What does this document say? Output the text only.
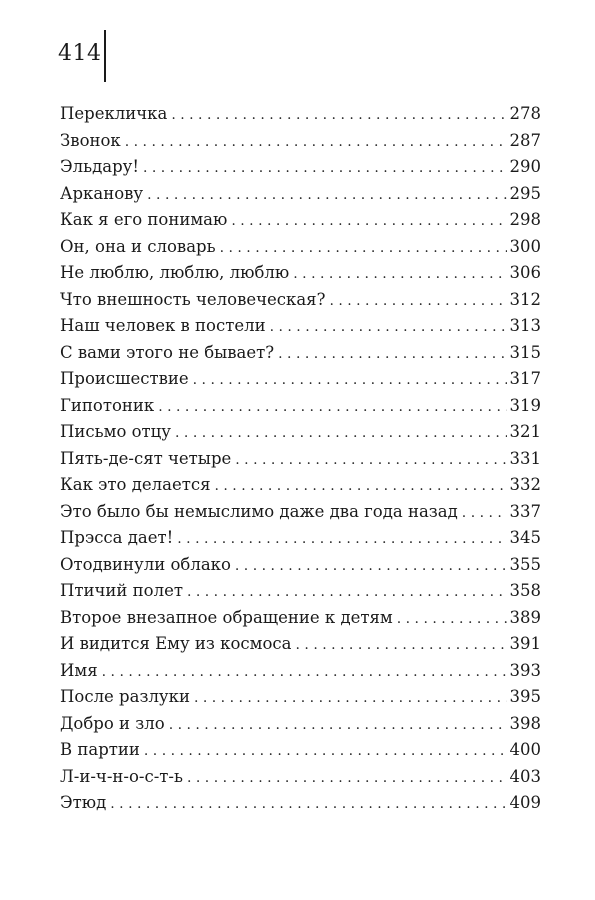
414
Перекличка . . .	278
Звонок . . .	287
Эльдару! . . .	290
Арканову . . .	295
Как я его понимаю . . .	298
Он, она и словарь . . .	300
Не люблю, люблю, люблю . . .	306
Что внешность человеческая? . . .	312
Наш человек в постели . . .	313
С вами этого не бывает? . . .	315
Происшествие . . .	317
Гипотоник . . .	319
Письмо отцу . . .	321
Пять-де-сят четыре . . .	331
Как это делается . . .	332
Это было бы немыслимо даже два года назад . . .	337
Прэсса дает! . . .	345
Отодвинули облако . . .	355
Птичий полет . . .	358
Второе внезапное обращение к детям . . .	389
И видится Ему из космоса . . .	391
Имя . . .	393
После разлуки . . .	395
Добро и зло . . .	398
В партии . . .	400
Л-и-ч-н-о-с-т-ь . . .	403
Этюд . . .	409
